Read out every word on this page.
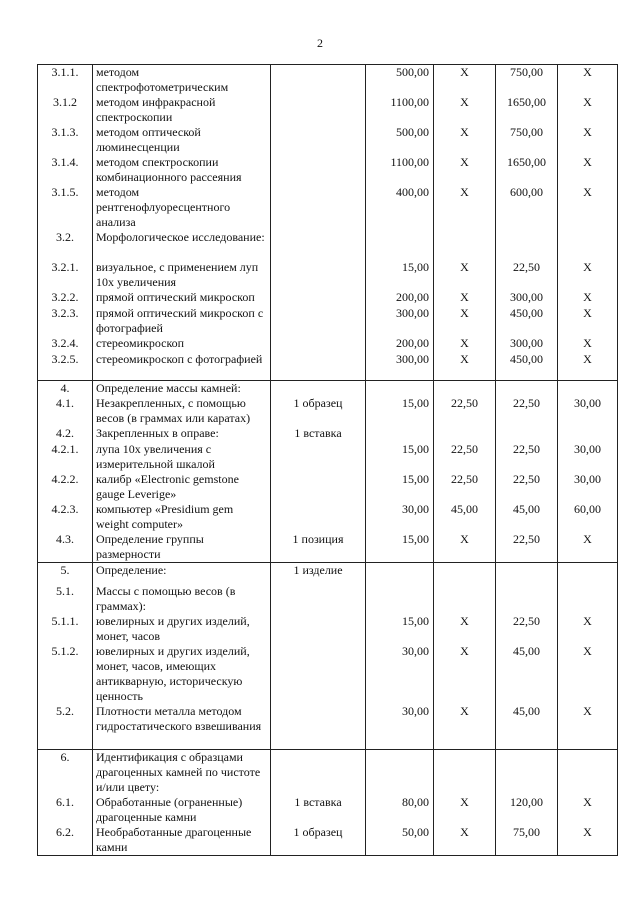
2
3.1.1.	методом спектрофотометрическим		500,00	X	750,00	X
3.1.2	методом инфракрасной спектроскопии		1100,00	X	1650,00	X
3.1.3.	методом оптической люминесценции		500,00	X	750,00	X
3.1.4.	методом спектроскопии комбинационного рассеяния		1100,00	X	1650,00	X
3.1.5.	методом рентгенофлуоресцентного анализа		400,00	X	600,00	X
3.2.	Морфологическое исследование:					
3.2.1.	визуальное, с применением луп 10х увеличения		15,00	X	22,50	X
3.2.2.	прямой оптический микроскоп		200,00	X	300,00	X
3.2.3.	прямой оптический микроскоп с фотографией		300,00	X	450,00	X
3.2.4.	стереомикроскоп		200,00	X	300,00	X
3.2.5.	стереомикроскоп с фотографией		300,00	X	450,00	X
4.	Определение массы камней:					
4.1.	Незакрепленных, с помощью весов (в граммах или каратах)	1 образец	15,00	22,50	22,50	30,00
4.2.	Закрепленных в оправе:	1 вставка				
4.2.1.	лупа 10х увеличения с измерительной шкалой		15,00	22,50	22,50	30,00
4.2.2.	калибр «Electronic gemstone gauge Leverige»		15,00	22,50	22,50	30,00
4.2.3.	компьютер «Presidium gem weight computer»		30,00	45,00	45,00	60,00
4.3.	Определение группы размерности	1 позиция	15,00	X	22,50	X
5.	Определение:	1 изделие				
5.1.	Массы с помощью весов (в граммах):					
5.1.1.	ювелирных и других изделий, монет, часов		15,00	X	22,50	X
5.1.2.	ювелирных и других изделий, монет, часов, имеющих антикварную, историческую ценность		30,00	X	45,00	X
5.2.	Плотности металла методом гидростатического взвешивания		30,00	X	45,00	X
6.	Идентификация с образцами драгоценных камней по чистоте и/или цвету:					
6.1.	Обработанные (ограненные) драгоценные камни	1 вставка	80,00	X	120,00	X
6.2.	Необработанные драгоценные камни	1 образец	50,00	X	75,00	X
